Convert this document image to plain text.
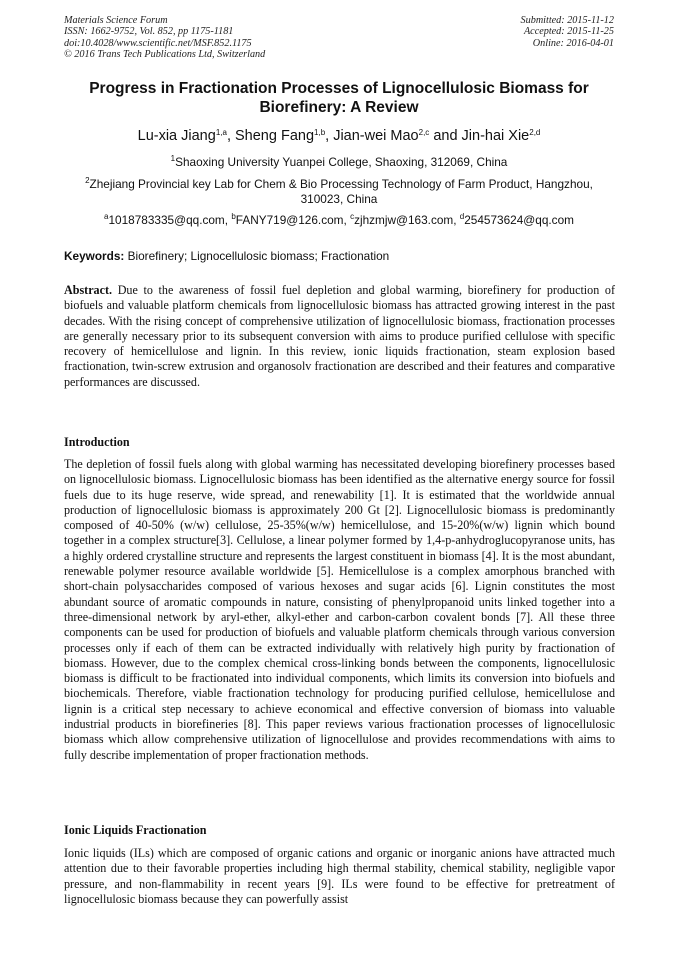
Materials Science Forum
ISSN: 1662-9752, Vol. 852, pp 1175-1181
doi:10.4028/www.scientific.net/MSF.852.1175
© 2016 Trans Tech Publications Ltd, Switzerland
Submitted: 2015-11-12
Accepted: 2015-11-25
Online: 2016-04-01
Progress in Fractionation Processes of Lignocellulosic Biomass for Biorefinery: A Review
Lu-xia Jiang$^{1,a}$, Sheng Fang$^{1,b}$, Jian-wei Mao$^{2,c}$ and Jin-hai Xie$^{2,d}$
$^1$Shaoxing University Yuanpei College, Shaoxing, 312069, China
$^2$Zhejiang Provincial key Lab for Chem & Bio Processing Technology of Farm Product, Hangzhou, 310023, China
$^a$1018783335@qq.com, $^b$FANY719@126.com, $^c$zjhzmjw@163.com, $^d$254573624@qq.com
Keywords: Biorefinery; Lignocellulosic biomass; Fractionation
Abstract. Due to the awareness of fossil fuel depletion and global warming, biorefinery for production of biofuels and valuable platform chemicals from lignocellulosic biomass has attracted growing interest in the past decades. With the rising concept of comprehensive utilization of lignocellulosic biomass, fractionation processes are generally necessary prior to its subsequent conversion with aims to produce purified cellulose with specific recovery of hemicellulose and lignin. In this review, ionic liquids fractionation, steam explosion based fractionation, twin-screw extrusion and organosolv fractionation are described and their features and comparative performances are discussed.
Introduction
The depletion of fossil fuels along with global warming has necessitated developing biorefinery processes based on lignocellulosic biomass. Lignocellulosic biomass has been identified as the alternative energy source for fossil fuels due to its huge reserve, wide spread, and renewability [1]. It is estimated that the worldwide annual production of lignocellulosic biomass is approximately 200 Gt [2]. Lignocellulosic biomass is predominantly composed of 40-50% (w/w) cellulose, 25-35%(w/w) hemicellulose, and 15-20%(w/w) lignin which bound together in a complex structure[3]. Cellulose, a linear polymer formed by 1,4-p-anhydroglucopyranose units, has a highly ordered crystalline structure and represents the largest constituent in biomass [4]. It is the most abundant, renewable polymer resource available worldwide [5]. Hemicellulose is a complex amorphous branched with short-chain polysaccharides composed of various hexoses and sugar acids [6]. Lignin constitutes the most abundant source of aromatic compounds in nature, consisting of phenylpropanoid units linked together into a three-dimensional network by aryl-ether, alkyl-ether and carbon-carbon covalent bonds [7]. All these three components can be used for production of biofuels and valuable platform chemicals through various conversion processes only if each of them can be extracted individually with relatively high purity by fractionation of biomass. However, due to the complex chemical cross-linking bonds between the components, lignocellulosic biomass is difficult to be fractionated into individual components, which limits its conversion into biofuels and biochemicals. Therefore, viable fractionation technology for producing purified cellulose, hemicellulose and lignin is a critical step necessary to achieve economical and effective conversion of biomass into valuable industrial products in biorefineries [8]. This paper reviews various fractionation processes of lignocellulosic biomass which allow comprehensive utilization of lignocellulose and provides recommendations with aims to fully describe implementation of proper fractionation methods.
Ionic Liquids Fractionation
Ionic liquids (ILs) which are composed of organic cations and organic or inorganic anions have attracted much attention due to their favorable properties including high thermal stability, chemical stability, negligible vapor pressure, and non-flammability in recent years [9]. ILs were found to be effective for pretreatment of lignocellulosic biomass because they can powerfully assist
